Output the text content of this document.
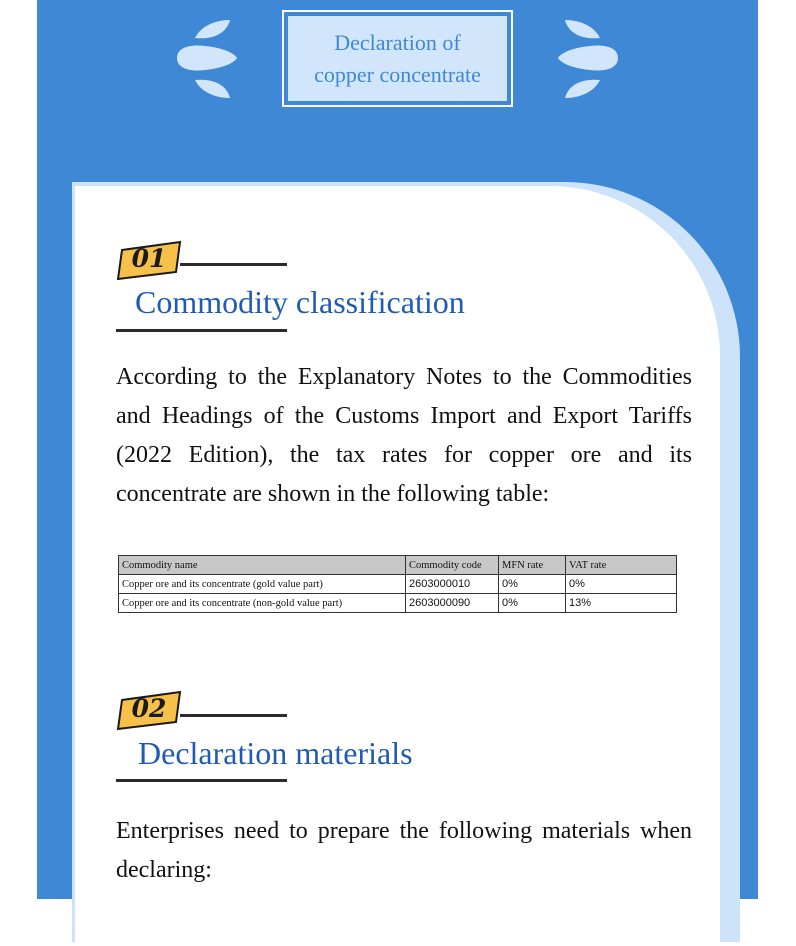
Declaration of
copper concentrate
01
Commodity classification

According to the Explanatory Notes to the Commodities and Headings of the Customs Import and Export Tariffs (2022 Edition), the tax rates for copper ore and its concentrate are shown in the following table:

Commodity name	Commodity code	MFN rate	VAT rate
Copper ore and its concentrate (gold value part)	2603000010	0%	0%
Copper ore and its concentrate (non-gold value part)	2603000090	0%	13%
02
Declaration materials

Enterprises need to prepare the following materials when declaring:
